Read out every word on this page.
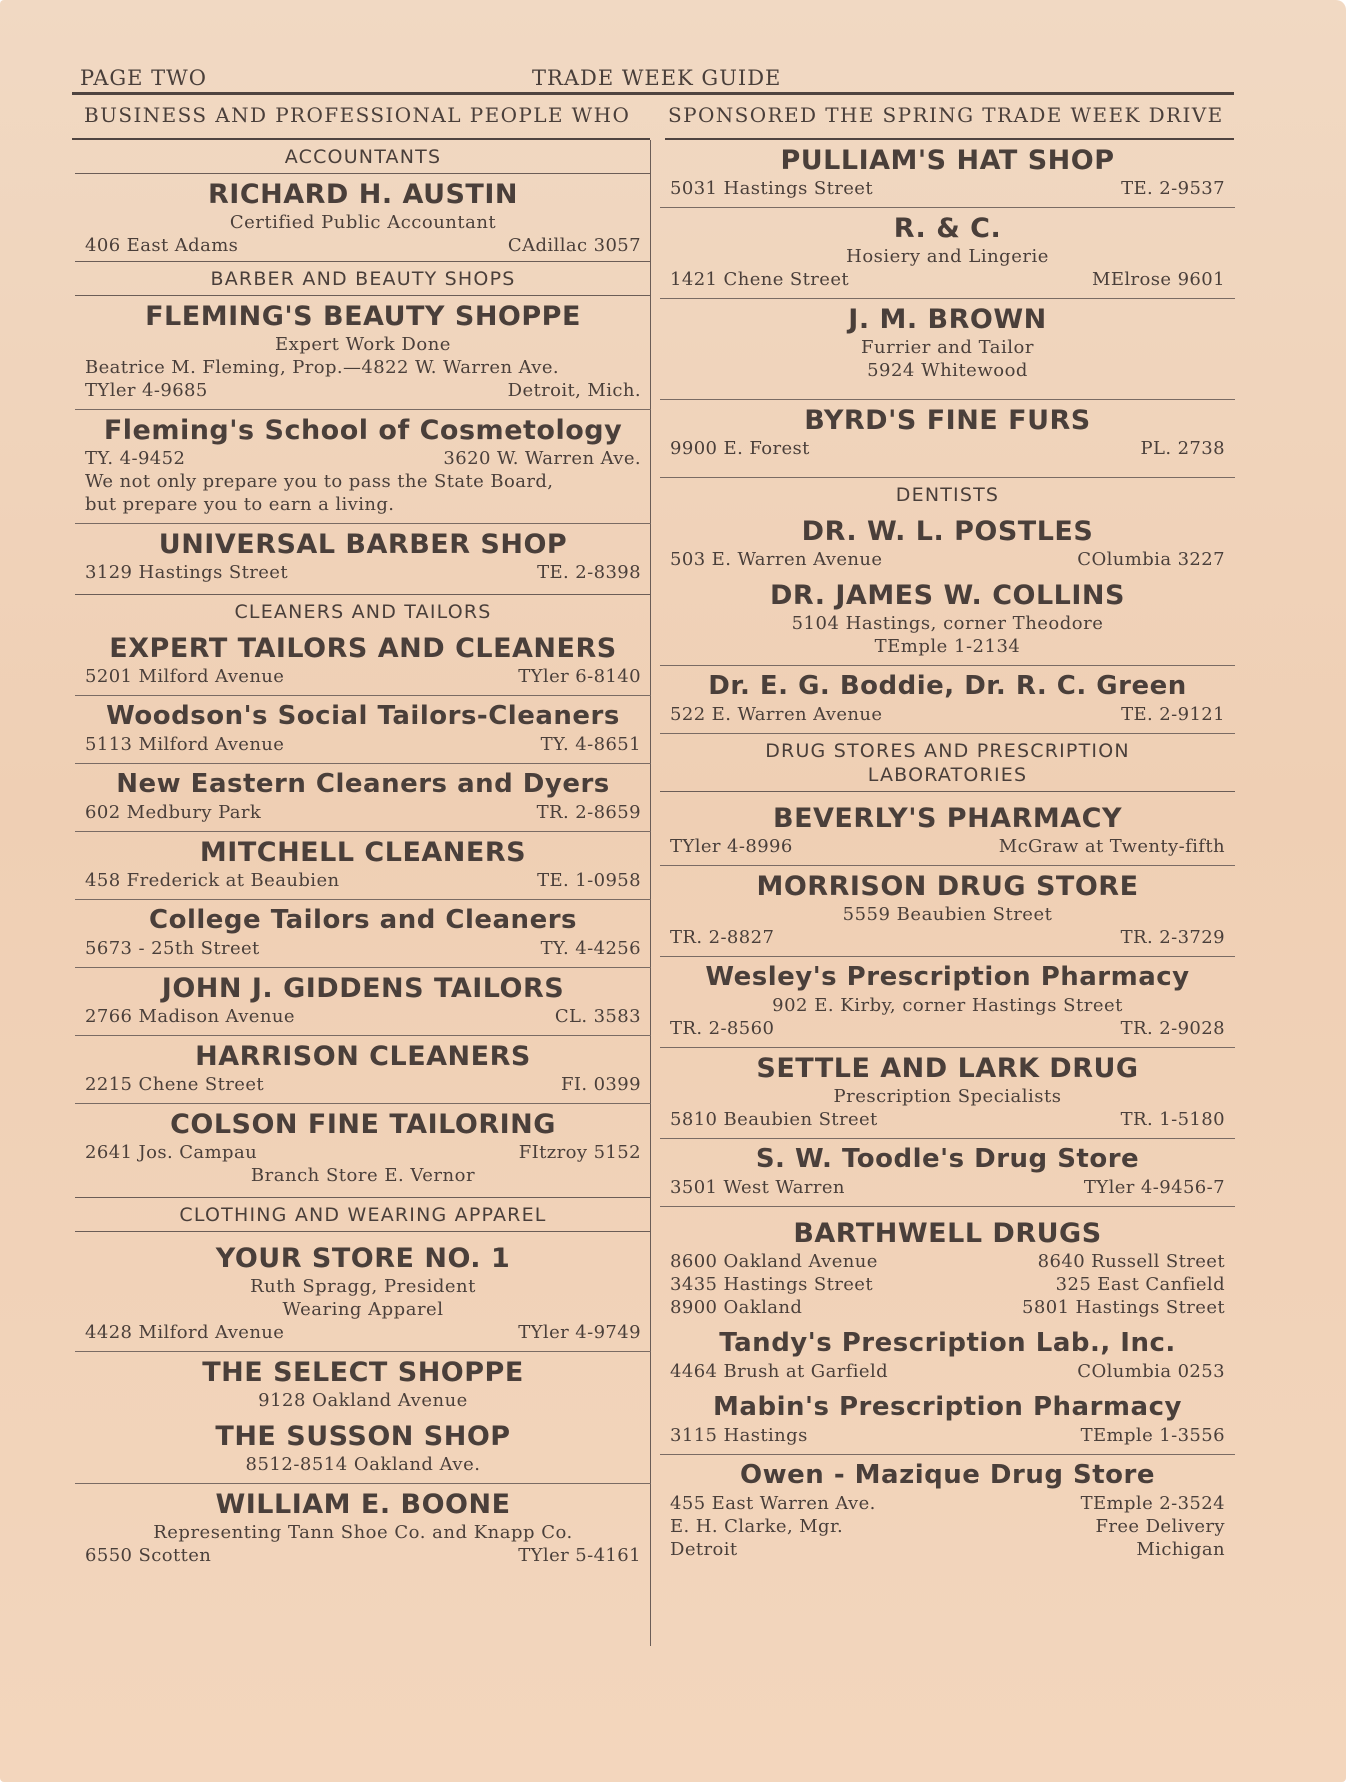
PAGE TWO	TRADE WEEK GUIDE
BUSINESS AND PROFESSIONAL PEOPLE WHO SPONSORED THE SPRING TRADE WEEK DRIVE
ACCOUNTANTS
RICHARD H. AUSTIN
Certified Public Accountant
406 East Adams	CAdillac 3057
BARBER AND BEAUTY SHOPS
FLEMING'S BEAUTY SHOPPE
Expert Work Done
Beatrice M. Fleming, Prop.—4822 W. Warren Ave.
TYler 4-9685	Detroit, Mich.
Fleming's School of Cosmetology
TY. 4-9452	3620 W. Warren Ave.
We not only prepare you to pass the State Board,
but prepare you to earn a living.
UNIVERSAL BARBER SHOP
3129 Hastings Street	TE. 2-8398
CLEANERS AND TAILORS
EXPERT TAILORS AND CLEANERS
5201 Milford Avenue	TYler 6-8140
Woodson's Social Tailors-Cleaners
5113 Milford Avenue	TY. 4-8651
New Eastern Cleaners and Dyers
602 Medbury Park	TR. 2-8659
MITCHELL CLEANERS
458 Frederick at Beaubien	TE. 1-0958
College Tailors and Cleaners
5673 - 25th Street	TY. 4-4256
JOHN J. GIDDENS TAILORS
2766 Madison Avenue	CL. 3583
HARRISON CLEANERS
2215 Chene Street	FI. 0399
COLSON FINE TAILORING
2641 Jos. Campau	FItzroy 5152
Branch Store E. Vernor
CLOTHING AND WEARING APPAREL
YOUR STORE NO. 1
Ruth Spragg, President
Wearing Apparel
4428 Milford Avenue	TYler 4-9749
THE SELECT SHOPPE
9128 Oakland Avenue
THE SUSSON SHOP
8512-8514 Oakland Ave.
WILLIAM E. BOONE
Representing Tann Shoe Co. and Knapp Co.
6550 Scotten	TYler 5-4161
PULLIAM'S HAT SHOP
5031 Hastings Street	TE. 2-9537
R. & C.
Hosiery and Lingerie
1421 Chene Street	MElrose 9601
J. M. BROWN
Furrier and Tailor
5924 Whitewood
BYRD'S FINE FURS
9900 E. Forest	PL. 2738
DENTISTS
DR. W. L. POSTLES
503 E. Warren Avenue	COlumbia 3227
DR. JAMES W. COLLINS
5104 Hastings, corner Theodore
TEmple 1-2134
Dr. E. G. Boddie, Dr. R. C. Green
522 E. Warren Avenue	TE. 2-9121
DRUG STORES AND PRESCRIPTION
LABORATORIES
BEVERLY'S PHARMACY
TYler 4-8996	McGraw at Twenty-fifth
MORRISON DRUG STORE
5559 Beaubien Street
TR. 2-8827	TR. 2-3729
Wesley's Prescription Pharmacy
902 E. Kirby, corner Hastings Street
TR. 2-8560	TR. 2-9028
SETTLE AND LARK DRUG
Prescription Specialists
5810 Beaubien Street	TR. 1-5180
S. W. Toodle's Drug Store
3501 West Warren	TYler 4-9456-7
BARTHWELL DRUGS
8600 Oakland Avenue	8640 Russell Street
3435 Hastings Street	325 East Canfield
8900 Oakland	5801 Hastings Street
Tandy's Prescription Lab., Inc.
4464 Brush at Garfield	COlumbia 0253
Mabin's Prescription Pharmacy
3115 Hastings	TEmple 1-3556
Owen - Mazique Drug Store
455 East Warren Ave.	TEmple 2-3524
E. H. Clarke, Mgr.	Free Delivery
Detroit	Michigan
